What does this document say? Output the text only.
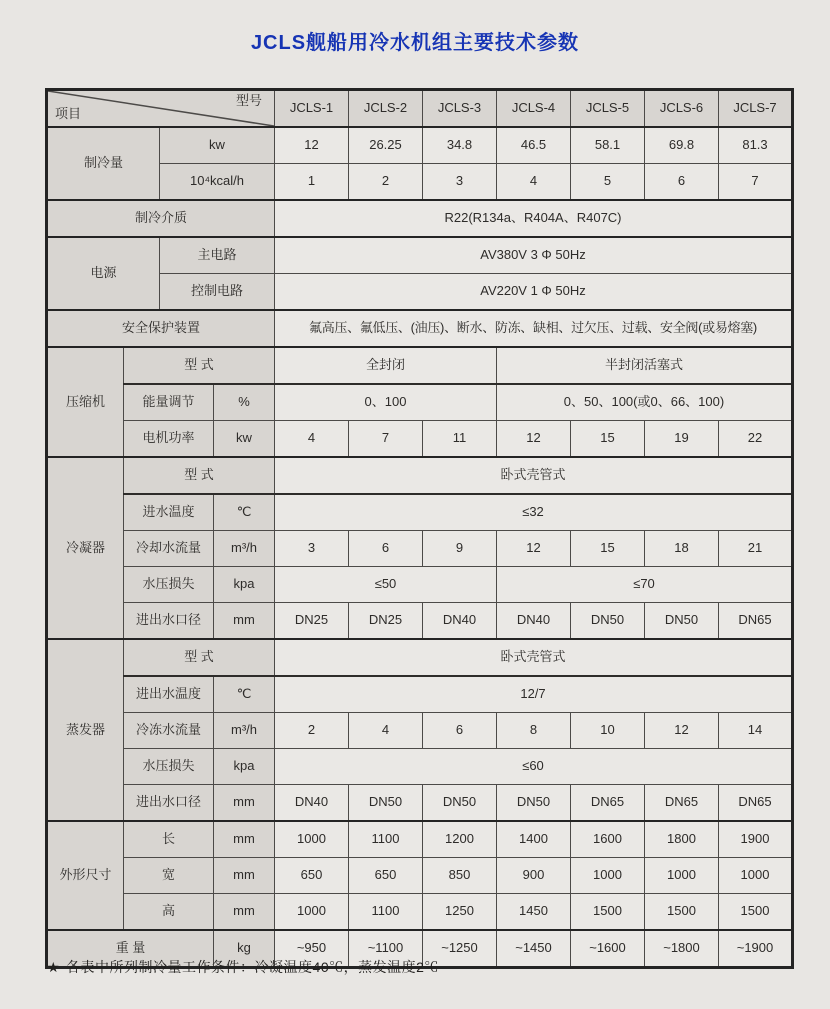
JCLS舰船用冷水机组主要技术参数
项目
型号				JCLS-1	JCLS-2	JCLS-3	JCLS-4	JCLS-5	JCLS-6	JCLS-7
制冷量		kw		12	26.25	34.8	46.5	58.1	69.8	81.3
		10⁴kcal/h		1	2	3	4	5	6	7
制冷介质				R22(R134a、R404A、R407C)						
电源		主电路		AV380V 3 Φ 50Hz						
		控制电路		AV220V 1 Φ 50Hz						
安全保护装置				氟高压、氟低压、(油压)、断水、防冻、缺相、过欠压、过载、安全阀(或易熔塞)						
压缩机	型 式			全封闭			半封闭活塞式			
	能量调节		%	0、100			0、50、100(或0、66、100)			
	电机功率		kw	4	7	11	12	15	19	22
冷凝器	型 式			卧式壳管式						
	进水温度		℃	≤32						
	冷却水流量		m³/h	3	6	9	12	15	18	21
	水压损失		kpa	≤50			≤70			
	进出水口径		mm	DN25	DN25	DN40	DN40	DN50	DN50	DN65
蒸发器	型 式			卧式壳管式						
	进出水温度		℃	12/7						
	冷冻水流量		m³/h	2	4	6	8	10	12	14
	水压损失		kpa	≤60						
	进出水口径		mm	DN40	DN50	DN50	DN50	DN65	DN65	DN65
外形尺寸	长		mm	1000	1100	1200	1400	1600	1800	1900
	宽		mm	650	650	850	900	1000	1000	1000
	高		mm	1000	1100	1250	1450	1500	1500	1500
重 量			kg	~950	~1100	~1250	~1450	~1600	~1800	~1900
★ 各表中所列制冷量工作条件：冷凝温度40℃，蒸发温度2℃
